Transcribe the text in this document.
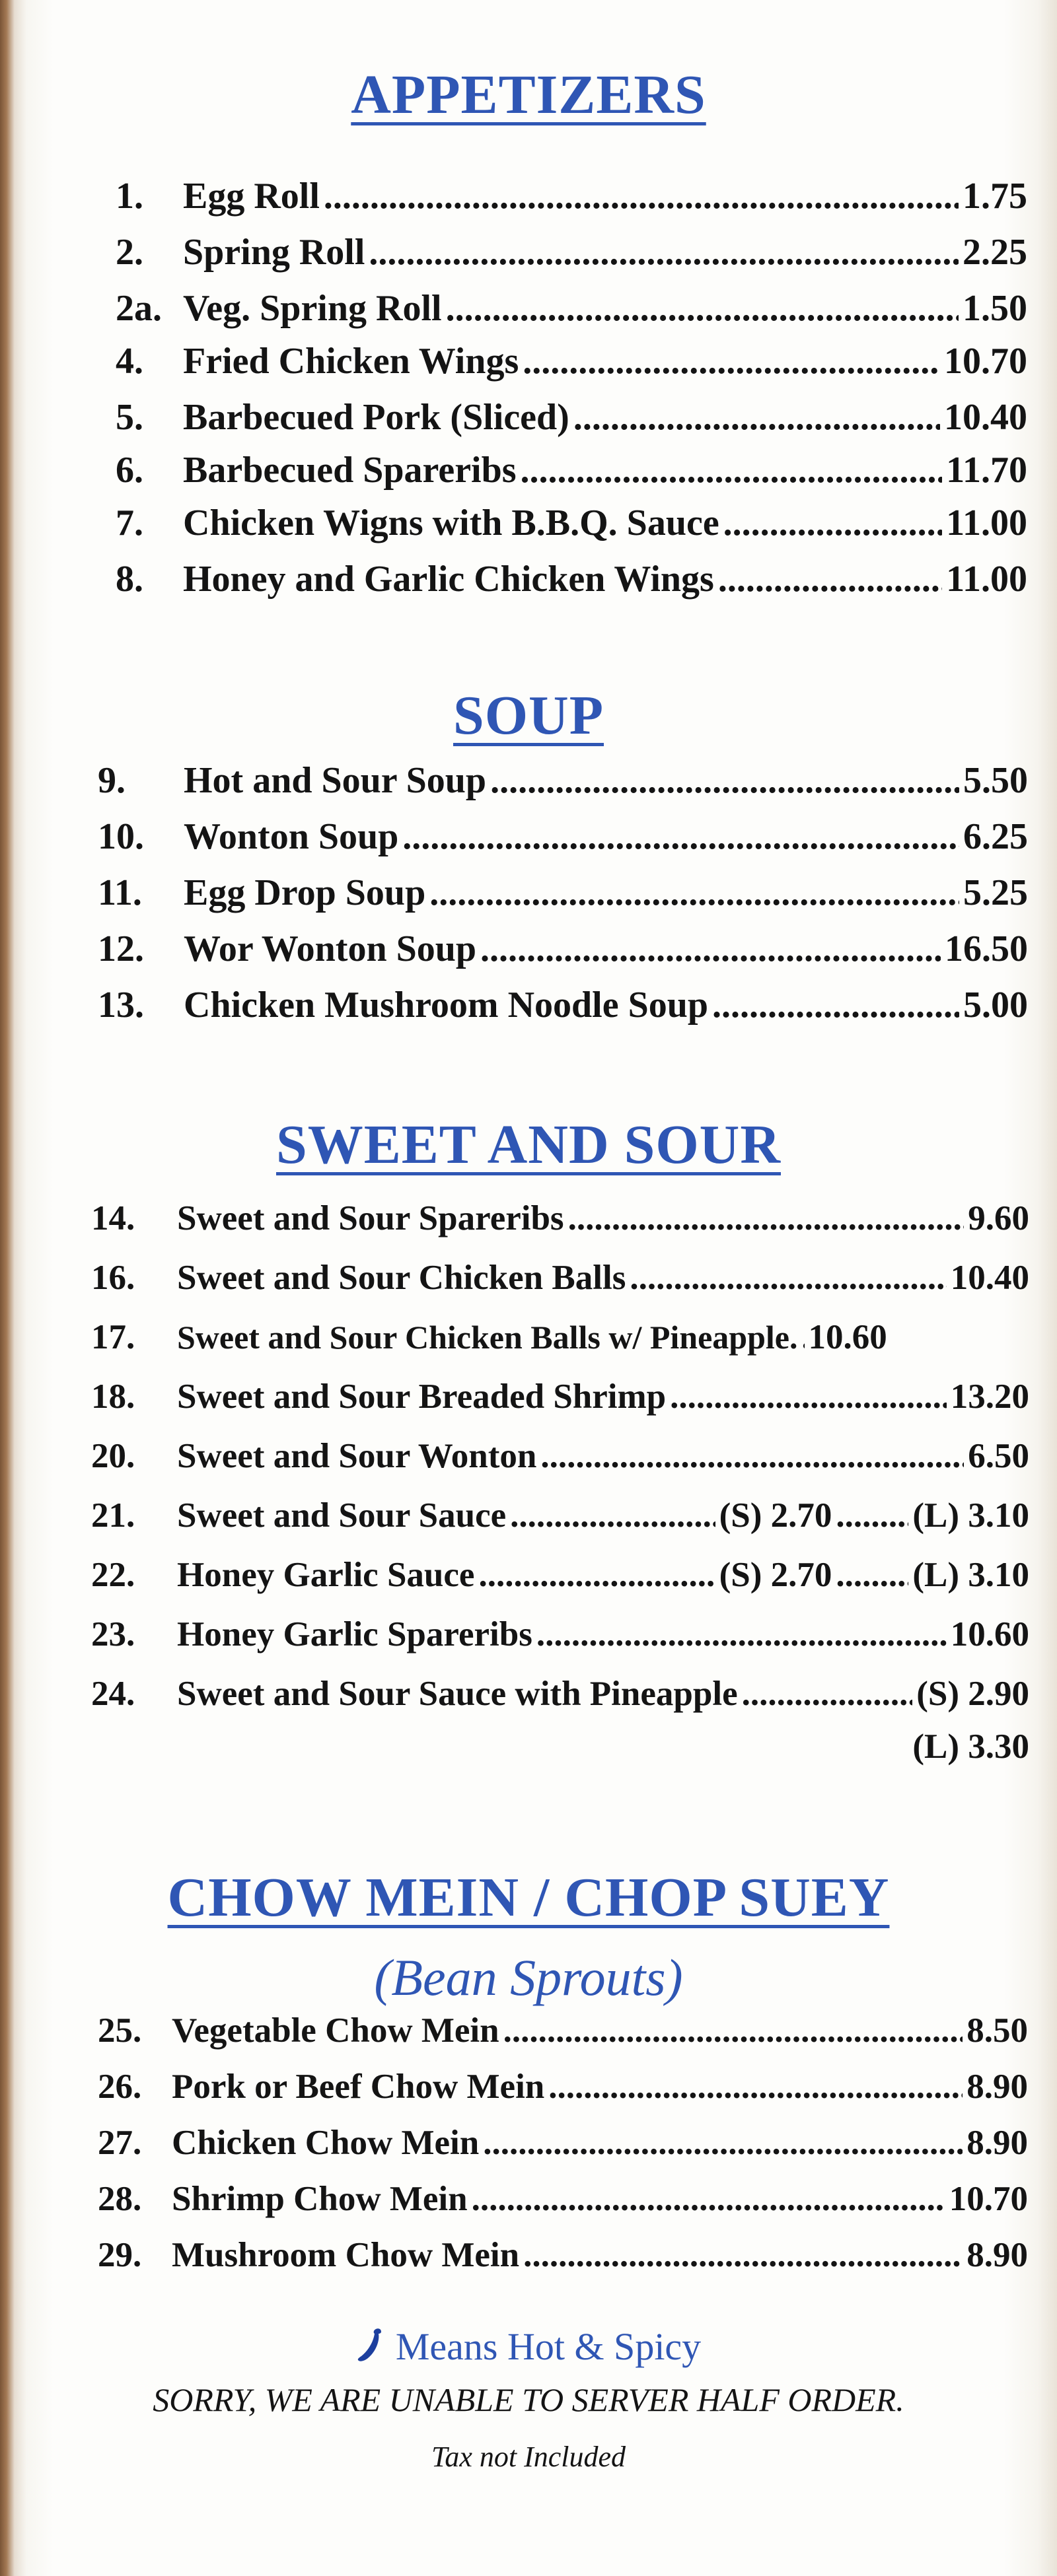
APPETIZERS
1.	Egg Roll .....	1.75
2.	Spring Roll .....	2.25
2a. Veg. Spring Roll .....	1.50
4.	Fried Chicken Wings .....	10.70
5.	Barbecued Pork (Sliced) .....	10.40
6.	Barbecued Spareribs .....	11.70
7.	Chicken Wigns with B.B.Q. Sauce .....	11.00
8.	Honey and Garlic Chicken Wings .....	11.00
SOUP
9.	Hot and Sour Soup .....	5.50
10.	Wonton Soup .....	6.25
11.	Egg Drop Soup .....	5.25
12.	Wor Wonton Soup .....	16.50
13.	Chicken Mushroom Noodle Soup .....	5.00
SWEET AND SOUR
14.	Sweet and Sour Spareribs .....	9.60
16.	Sweet and Sour Chicken Balls .....	10.40
17.	Sweet and Sour Chicken Balls w/ Pineapple. ..... 10.60
18.	Sweet and Sour Breaded Shrimp .....	13.20
20.	Sweet and Sour Wonton .....	6.50
21.	Sweet and Sour Sauce .....	(S) 2.70 ..... (L) 3.10
22.	Honey Garlic Sauce .....	(S) 2.70 ..... (L) 3.10
23.	Honey Garlic Spareribs .....	10.60
24.	Sweet and Sour Sauce with Pineapple .....	(S) 2.90
(L) 3.30
CHOW MEIN / CHOP SUEY
(Bean Sprouts)
25. Vegetable Chow Mein .....	8.50
26. Pork or Beef Chow Mein .....	8.90
27. Chicken Chow Mein .....	8.90
28. Shrimp Chow Mein .....	10.70
29. Mushroom Chow Mein .....	8.90
Means Hot & Spicy
SORRY, WE ARE UNABLE TO SERVER HALF ORDER.
Tax not Included
